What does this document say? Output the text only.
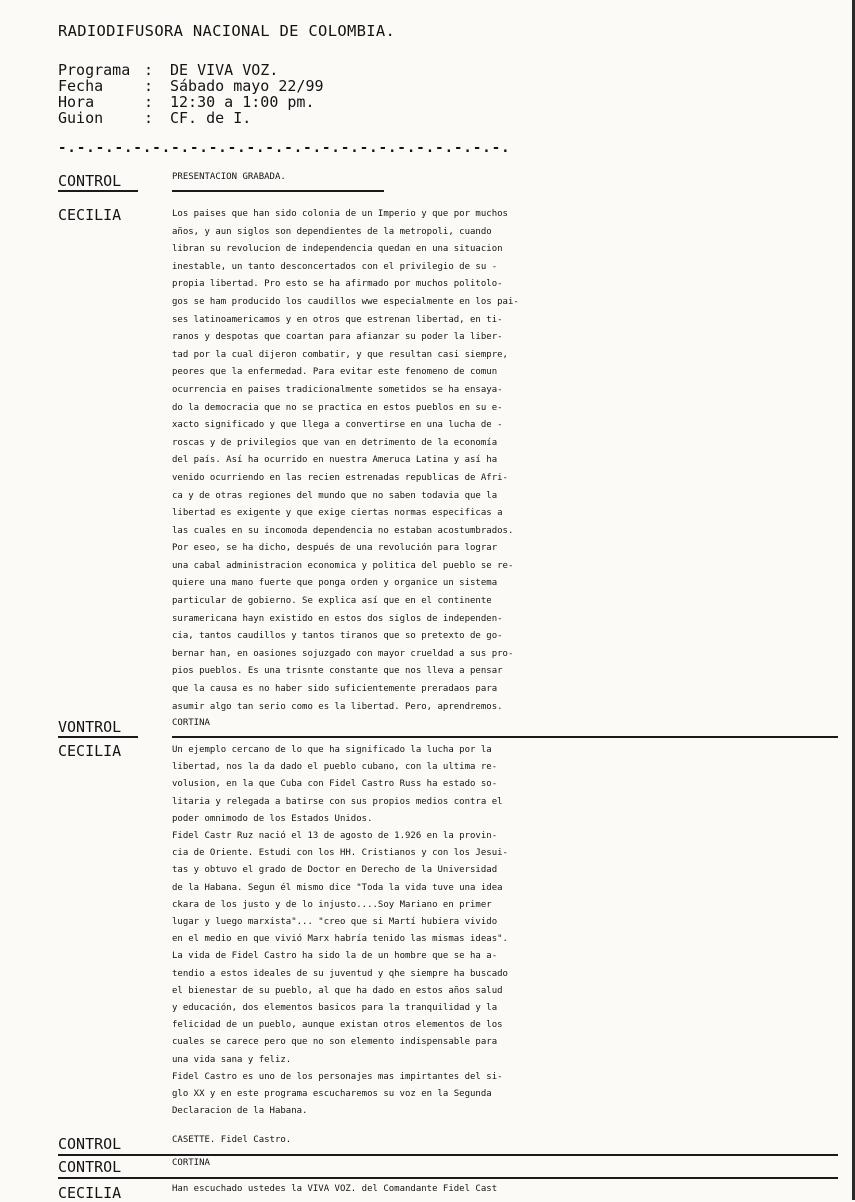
RADIODIFUSORA NACIONAL DE COLOMBIA.
Programa :	DE VIVA VOZ.
Fecha	:	Sábado mayo 22/99
Hora	:	12:30 a 1:00 pm.
Guion	:	CF. de I.
-.-.-.-.-.-.-.-.-.-.-.-.-.-.-.-.-.-.-.-.-.-.-.-.
CONTROL	PRESENTACION GRABADA.
CECILIA	Los paises que han sido colonia de un Imperio y que por muchos
años, y aun siglos son dependientes de la metropoli, cuando
libran su revolucion de independencia quedan en una situacion
inestable, un tanto desconcertados con el privilegio de su -
propia libertad. Pro esto se ha afirmado por muchos politolo-
gos se ham producido los caudillos wwe especialmente en los pai-
ses latinoamericamos y en otros que estrenan libertad, en ti-
ranos y despotas que coartan para afianzar su poder la liber-
tad por la cual dijeron combatir, y que resultan casi siempre,
peores que la enfermedad. Para evitar este fenomeno de comun
ocurrencia en paises tradicionalmente sometidos se ha ensaya-
do la democracia que no se practica en estos pueblos en su e-
xacto significado y que llega a convertirse en una lucha de -
roscas y de privilegios que van en detrimento de la economía
del país. Así ha ocurrido en nuestra Ameruca Latina y así ha
venido ocurriendo en las recien estrenadas republicas de Afri-
ca y de otras regiones del mundo que no saben todavia que la
libertad es exigente y que exige ciertas normas especificas a
las cuales en su incomoda dependencia no estaban acostumbrados.
Por eseo, se ha dicho, después de una revolución para lograr
una cabal administracion economica y politica del pueblo se re-
quiere una mano fuerte que ponga orden y organice un sistema
particular de gobierno. Se explica así que en el continente
suramericana hayn existido en estos dos siglos de independen-
cia, tantos caudillos y tantos tiranos que so pretexto de go-
bernar han, en oasiones sojuzgado con mayor crueldad a sus pro-
pios pueblos. Es una trisnte constante que nos lleva a pensar
que la causa es no haber sido suficientemente preradaos para
asumir algo tan serio como es la libertad. Pero, aprendremos.
VONTROL	CORTINA
CECILIA	Un ejemplo cercano de lo que ha significado la lucha por la
libertad, nos la da dado el pueblo cubano, con la ultima re-
volusion, en la que Cuba con Fidel Castro Russ ha estado so-
litaria y relegada a batirse con sus propios medios contra el
poder omnimodo de los Estados Unidos.
Fidel Castr Ruz nació el 13 de agosto de 1.926 en la provin-
cia de Oriente. Estudi con los HH. Cristianos y con los Jesui-
tas y obtuvo el grado de Doctor en Derecho de la Universidad
de la Habana. Segun él mismo dice "Toda la vida tuve una idea
ckara de los justo y de lo injusto....Soy Mariano en primer
lugar y luego marxista"... "creo que si Martí hubiera vivido
en el medio en que vivió Marx habría tenido las mismas ideas".
La vida de Fidel Castro ha sido la de un hombre que se ha a-
tendio a estos ideales de su juventud y qhe siempre ha buscado
el bienestar de su pueblo, al que ha dado en estos años salud
y educación, dos elementos basicos para la tranquilidad y la
felicidad de un pueblo, aunque existan otros elementos de los
cuales se carece pero que no son elemento indispensable para
una vida sana y feliz.
Fidel Castro es uno de los personajes mas impirtantes del si-
glo XX y en este programa escucharemos su voz en la Segunda
Declaracion de la Habana.
CONTROL	CASETTE. Fidel Castro.
CONTROL	CORTINA
CECILIA	Han escuchado ustedes la VIVA VOZ. del Comandante Fidel Cast
